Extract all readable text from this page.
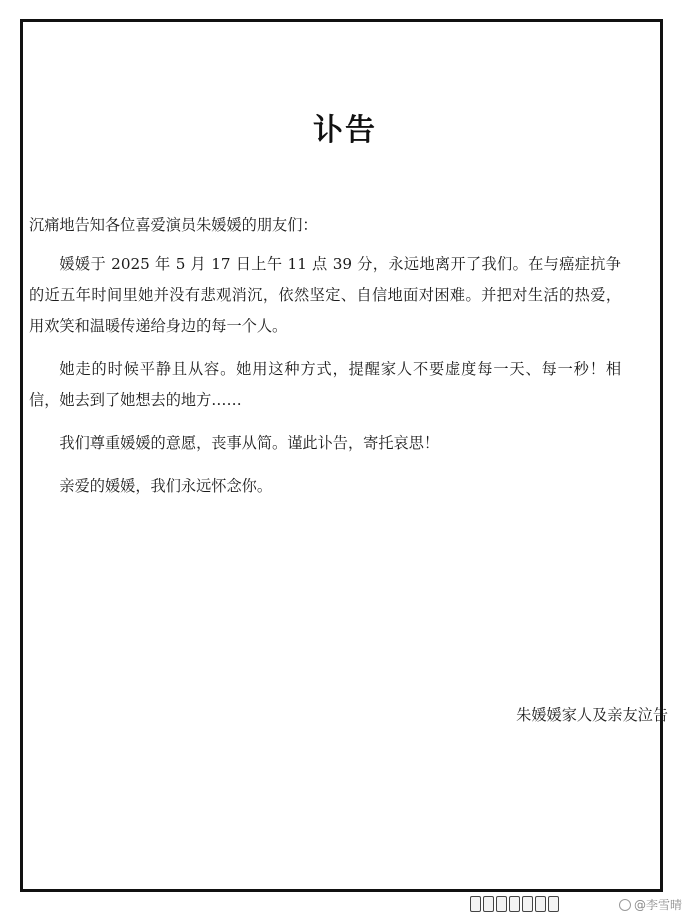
讣告

沉痛地告知各位喜爱演员朱媛媛的朋友们：

媛媛于 2025 年 5 月 17 日上午 11 点 39 分，永远地离开了我们。在与癌症抗争的近五年时间里她并没有悲观消沉，依然坚定、自信地面对困难。并把对生活的热爱，用欢笑和温暖传递给身边的每一个人。

她走的时候平静且从容。她用这种方式，提醒家人不要虚度每一天、每一秒！相信，她去到了她想去的地方……

我们尊重媛媛的意愿，丧事从简。谨此讣告，寄托哀思！

亲爱的媛媛，我们永远怀念你。

朱媛媛家人及亲友泣告
@李雪晴
